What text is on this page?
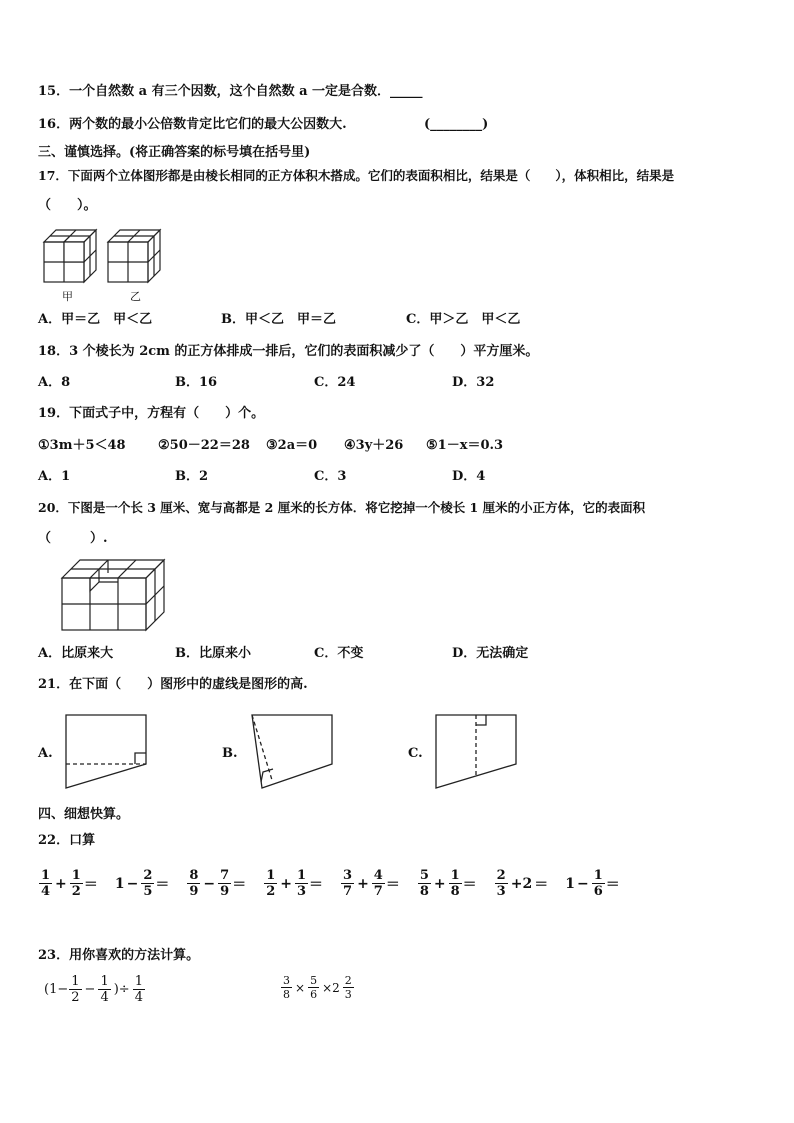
15．一个自然数 a 有三个因数，这个自然数 a 一定是合数．_____
16．两个数的最小公倍数肯定比它们的最大公因数大.	(________)
三、谨慎选择。(将正确答案的标号填在括号里)
17．下面两个立体图形都是由棱长相同的正方体积木搭成。它们的表面积相比，结果是（　　），体积相比，结果是
（　　）。
甲	乙
A．甲＝乙　甲＜乙	B．甲＜乙　甲＝乙	C．甲＞乙　甲＜乙
18．3 个棱长为 2cm 的正方体排成一排后，它们的表面积减少了（　　）平方厘米。
A．8	B．16	C．24	D．32
19．下面式子中，方程有（　　）个。
①3m＋5＜48 ②50－22＝28 ③2a＝0 ④3y＋26 ⑤1－x＝0.3
A．1	B．2	C．3	D．4
20．下图是一个长 3 厘米、宽与高都是 2 厘米的长方体．将它挖掉一个棱长 1 厘米的小正方体，它的表面积
（　　　）.
A．比原来大	B．比原来小	C．不变	D．无法确定
21．在下面（　　）图形中的虚线是图形的高.
A.	B.	C.
四、细想快算。
22．口算
$\frac{1}{4} + \frac{1}{2} = 1 - \frac{2}{5} = \frac{8}{9} - \frac{7}{9} = \frac{1}{2} + \frac{1}{3} = \frac{3}{7} + \frac{4}{7} = \frac{5}{8} + \frac{1}{8} = \frac{2}{3} +2 = 1 - \frac{1}{6}$ ＝
23．用你喜欢的方法计算。
($1- \frac{1}{2} - \frac{1}{4}$ )÷ $\frac{1}{4}$	$\frac{3}{8} \times \frac{5}{6} \times 2 \frac{2}{3}$
